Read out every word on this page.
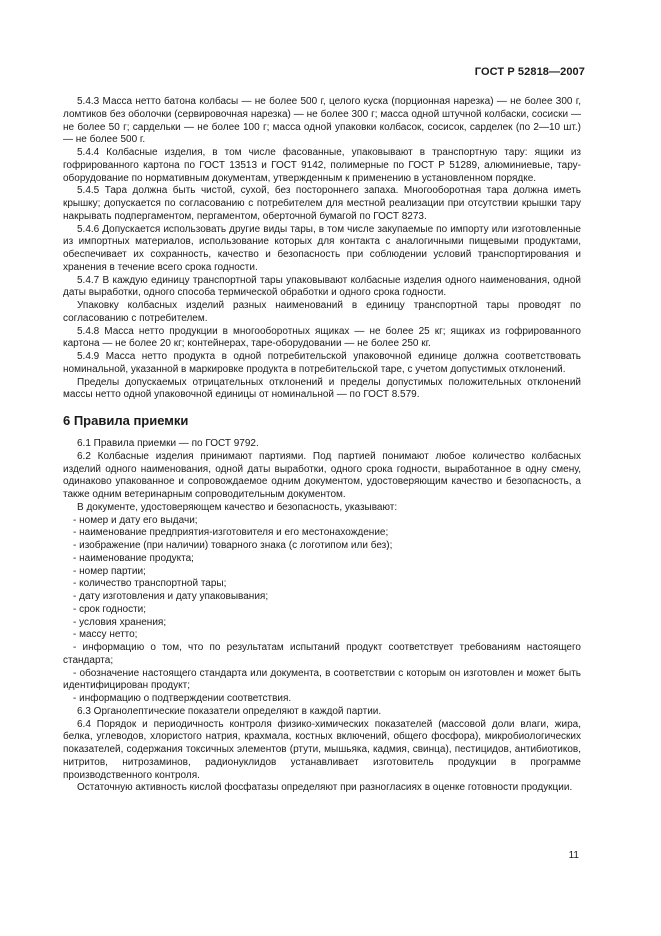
ГОСТ Р 52818—2007

5.4.3 Масса нетто батона колбасы — не более 500 г, целого куска (порционная нарезка) — не более 300 г, ломтиков без оболочки (сервировочная нарезка) — не более 300 г; масса одной штучной колбаски, сосиски — не более 50 г; сардельки — не более 100 г; масса одной упаковки колбасок, сосисок, сарделек (по 2—10 шт.) — не более 500 г.

5.4.4 Колбасные изделия, в том числе фасованные, упаковывают в транспортную тару: ящики из гофрированного картона по ГОСТ 13513 и ГОСТ 9142, полимерные по ГОСТ Р 51289, алюминиевые, тару-оборудование по нормативным документам, утвержденным к применению в установленном порядке.

5.4.5 Тара должна быть чистой, сухой, без постороннего запаха. Многооборотная тара должна иметь крышку; допускается по согласованию с потребителем для местной реализации при отсутствии крышки тару накрывать подпергаментом, пергаментом, оберточной бумагой по ГОСТ 8273.

5.4.6 Допускается использовать другие виды тары, в том числе закупаемые по импорту или изготовленные из импортных материалов, использование которых для контакта с аналогичными пищевыми продуктами, обеспечивает их сохранность, качество и безопасность при соблюдении условий транспортирования и хранения в течение всего срока годности.

5.4.7 В каждую единицу транспортной тары упаковывают колбасные изделия одного наименования, одной даты выработки, одного способа термической обработки и одного срока годности.

Упаковку колбасных изделий разных наименований в единицу транспортной тары проводят по согласованию с потребителем.

5.4.8 Масса нетто продукции в многооборотных ящиках — не более 25 кг; ящиках из гофрированного картона — не более 20 кг; контейнерах, таре-оборудовании — не более 250 кг.

5.4.9 Масса нетто продукта в одной потребительской упаковочной единице должна соответствовать номинальной, указанной в маркировке продукта в потребительской таре, с учетом допустимых отклонений.

Пределы допускаемых отрицательных отклонений и пределы допустимых положительных отклонений массы нетто одной упаковочной единицы от номинальной — по ГОСТ 8.579.

6 Правила приемки

6.1 Правила приемки — по ГОСТ 9792.

6.2 Колбасные изделия принимают партиями. Под партией понимают любое количество колбасных изделий одного наименования, одной даты выработки, одного срока годности, выработанное в одну смену, одинаково упакованное и сопровождаемое одним документом, удостоверяющим качество и безопасность, а также одним ветеринарным сопроводительным документом.

В документе, удостоверяющем качество и безопасность, указывают:

- номер и дату его выдачи;

- наименование предприятия-изготовителя и его местонахождение;

- изображение (при наличии) товарного знака (с логотипом или без);

- наименование продукта;

- номер партии;

- количество транспортной тары;

- дату изготовления и дату упаковывания;

- срок годности;

- условия хранения;

- массу нетто;

- информацию о том, что по результатам испытаний продукт соответствует требованиям настоящего стандарта;

- обозначение настоящего стандарта или документа, в соответствии с которым он изготовлен и может быть идентифицирован продукт;

- информацию о подтверждении соответствия.

6.3 Органолептические показатели определяют в каждой партии.

6.4 Порядок и периодичность контроля физико-химических показателей (массовой доли влаги, жира, белка, углеводов, хлористого натрия, крахмала, костных включений, общего фосфора), микробиологических показателей, содержания токсичных элементов (ртути, мышьяка, кадмия, свинца), пестицидов, антибиотиков, нитритов, нитрозаминов, радионуклидов устанавливает изготовитель продукции в программе производственного контроля.

Остаточную активность кислой фосфатазы определяют при разногласиях в оценке готовности продукции.

11
